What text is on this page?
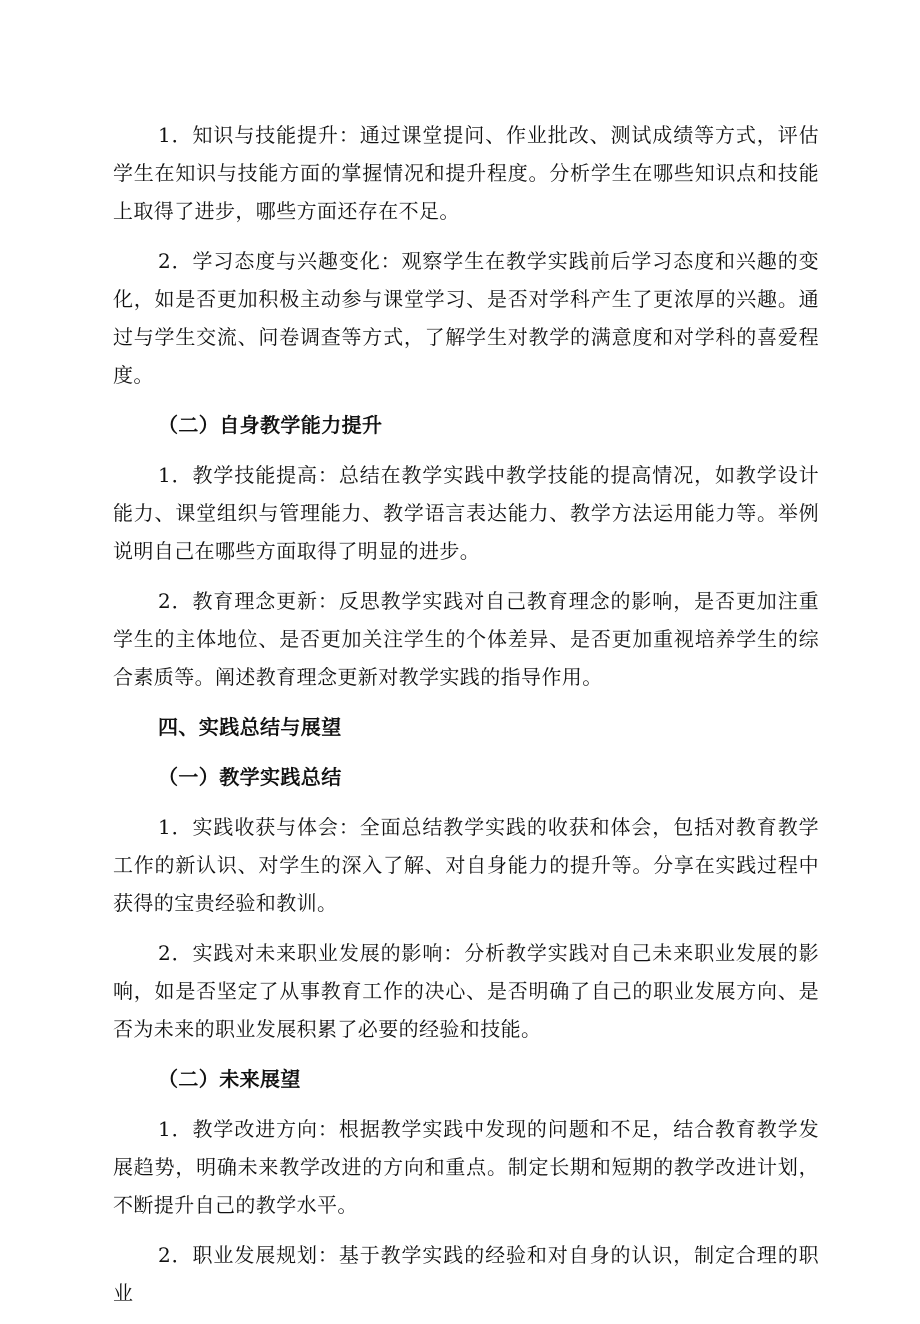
1．知识与技能提升：通过课堂提问、作业批改、测试成绩等方式，评估学生在知识与技能方面的掌握情况和提升程度。分析学生在哪些知识点和技能上取得了进步，哪些方面还存在不足。

2．学习态度与兴趣变化：观察学生在教学实践前后学习态度和兴趣的变化，如是否更加积极主动参与课堂学习、是否对学科产生了更浓厚的兴趣。通过与学生交流、问卷调查等方式，了解学生对教学的满意度和对学科的喜爱程度。

（二）自身教学能力提升

1．教学技能提高：总结在教学实践中教学技能的提高情况，如教学设计能力、课堂组织与管理能力、教学语言表达能力、教学方法运用能力等。举例说明自己在哪些方面取得了明显的进步。

2．教育理念更新：反思教学实践对自己教育理念的影响，是否更加注重学生的主体地位、是否更加关注学生的个体差异、是否更加重视培养学生的综合素质等。阐述教育理念更新对教学实践的指导作用。

四、实践总结与展望

（一）教学实践总结

1．实践收获与体会：全面总结教学实践的收获和体会，包括对教育教学工作的新认识、对学生的深入了解、对自身能力的提升等。分享在实践过程中获得的宝贵经验和教训。

2．实践对未来职业发展的影响：分析教学实践对自己未来职业发展的影响，如是否坚定了从事教育工作的决心、是否明确了自己的职业发展方向、是否为未来的职业发展积累了必要的经验和技能。

（二）未来展望

1．教学改进方向：根据教学实践中发现的问题和不足，结合教育教学发展趋势，明确未来教学改进的方向和重点。制定长期和短期的教学改进计划，不断提升自己的教学水平。

2．职业发展规划：基于教学实践的经验和对自身的认识，制定合理的职业
